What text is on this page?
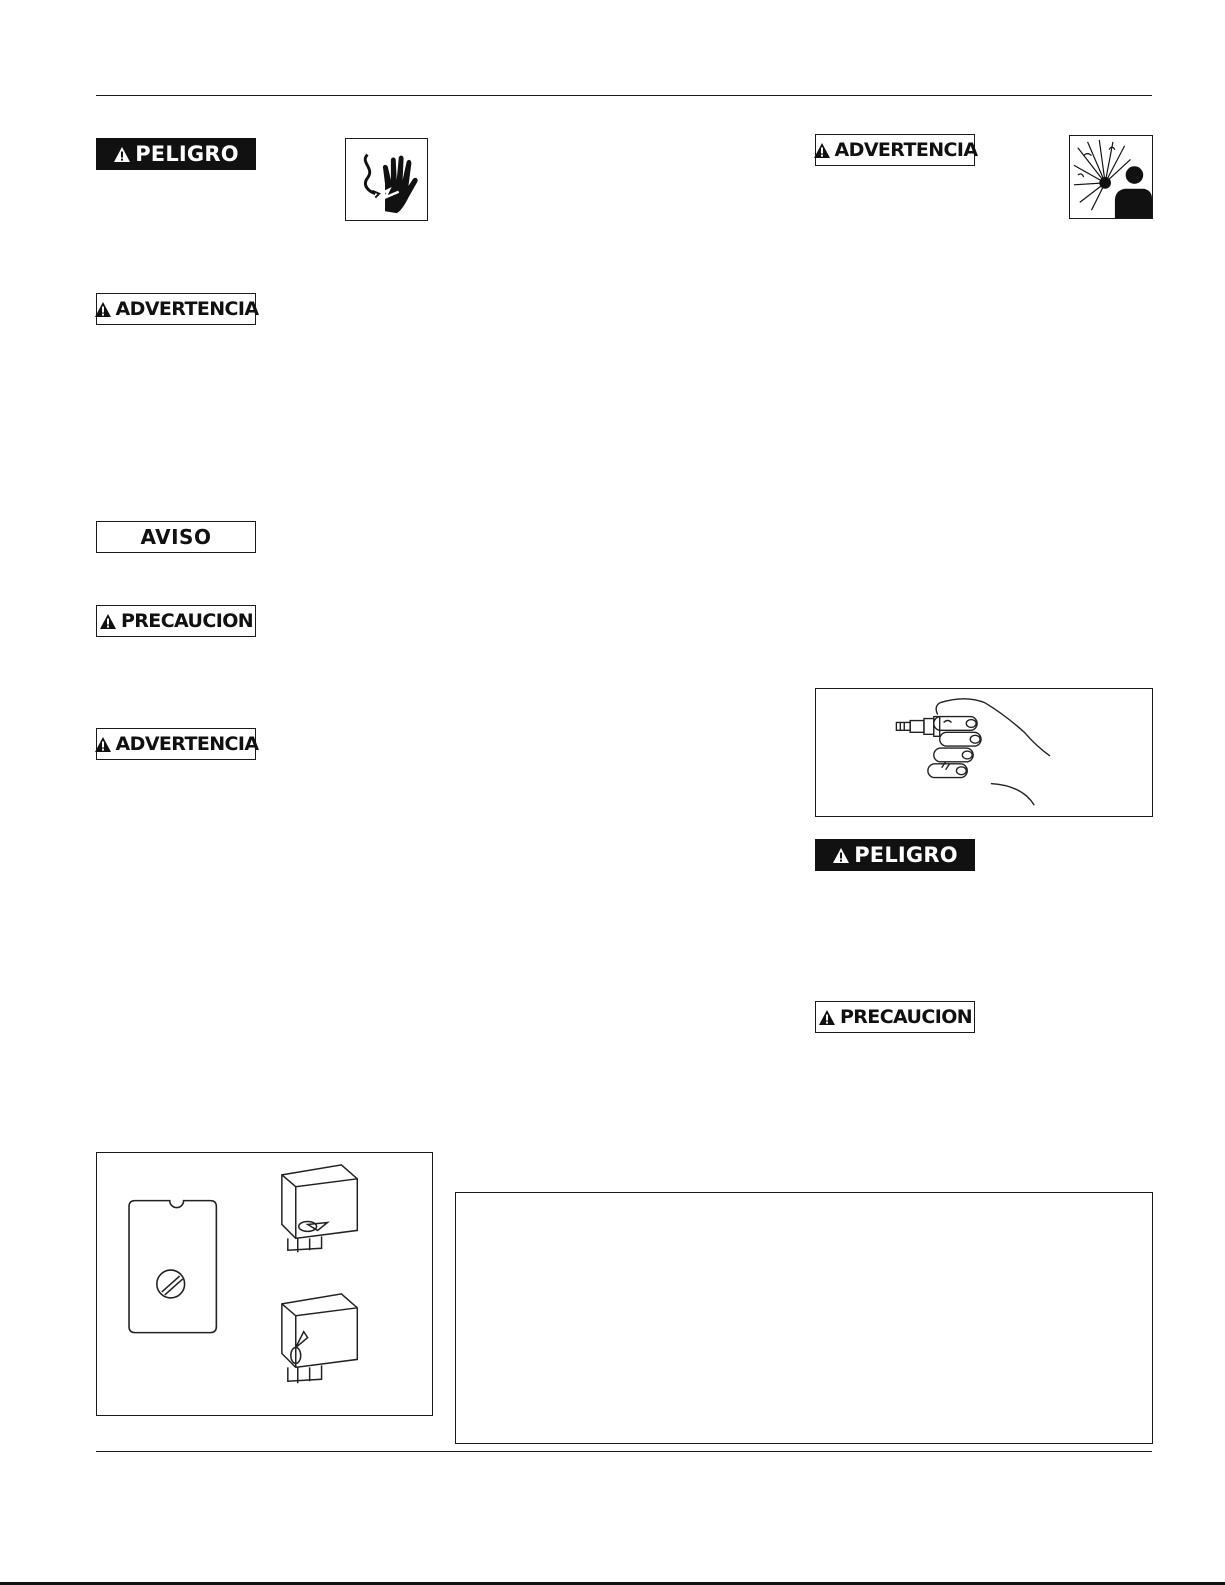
PELIGRO
ADVERTENCIA
AVISO
PRECAUCION
ADVERTENCIA
ADVERTENCIA
PELIGRO
PRECAUCION
